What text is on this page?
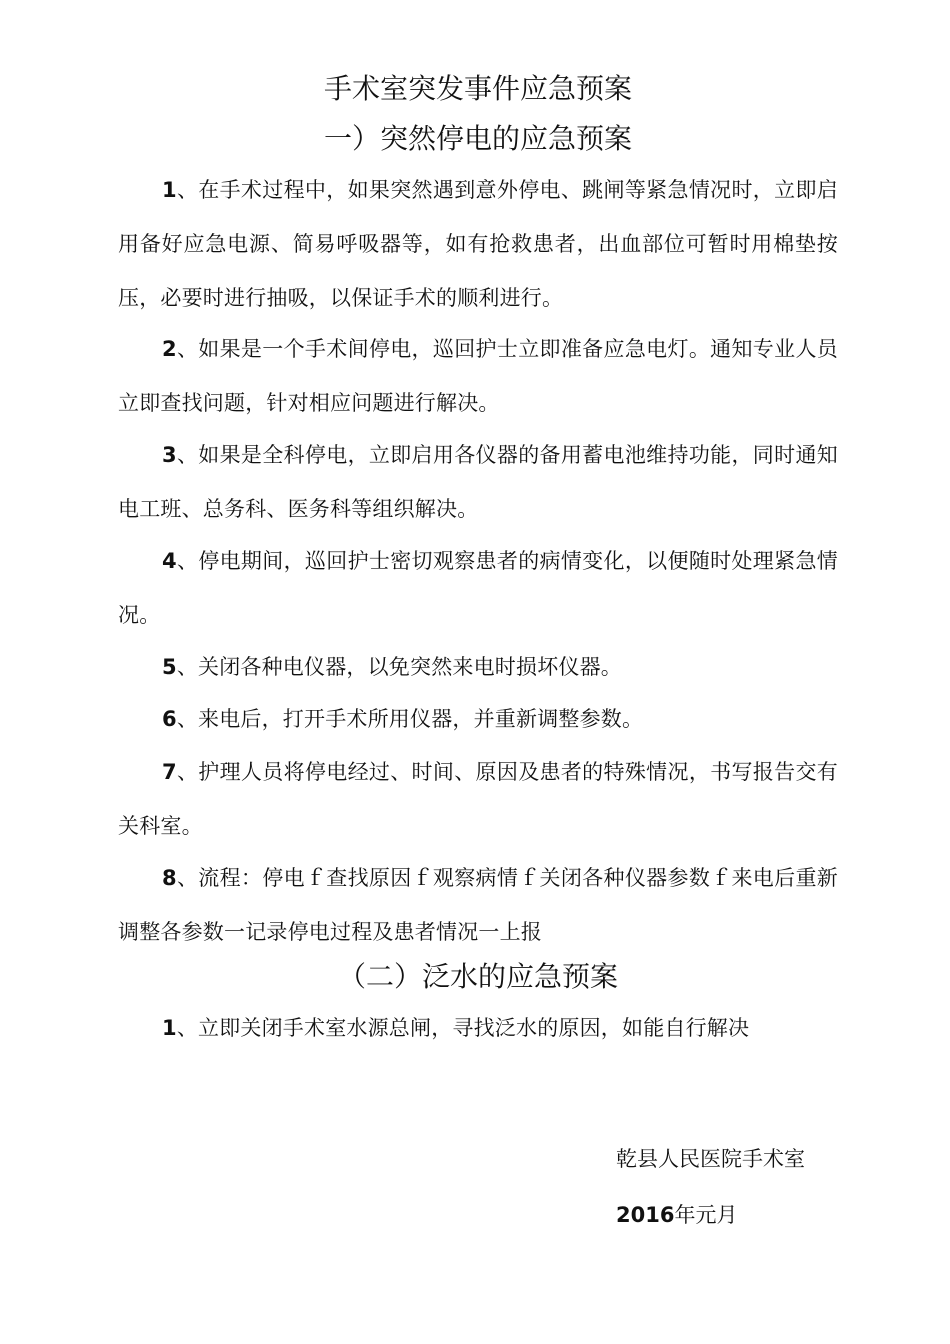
手术室突发事件应急预案
一）突然停电的应急预案

1、在手术过程中，如果突然遇到意外停电、跳闸等紧急情况时，立即启用备好应急电源、简易呼吸器等，如有抢救患者，出血部位可暂时用棉垫按压，必要时进行抽吸，以保证手术的顺利进行。

2、如果是一个手术间停电，巡回护士立即准备应急电灯。通知专业人员立即查找问题，针对相应问题进行解决。

3、如果是全科停电，立即启用各仪器的备用蓄电池维持功能，同时通知电工班、总务科、医务科等组织解决。

4、停电期间，巡回护士密切观察患者的病情变化，以便随时处理紧急情况。

5、关闭各种电仪器，以免突然来电时损坏仪器。

6、来电后，打开手术所用仪器，并重新调整参数。

7、护理人员将停电经过、时间、原因及患者的特殊情况，书写报告交有关科室。

8、流程：停电ｆ查找原因ｆ观察病情ｆ关闭各种仪器参数ｆ来电后重新调整各参数一记录停电过程及患者情况一上报

（二）泛水的应急预案

1、立即关闭手术室水源总闸，寻找泛水的原因，如能自行解决

乾县人民医院手术室
2016年元月
